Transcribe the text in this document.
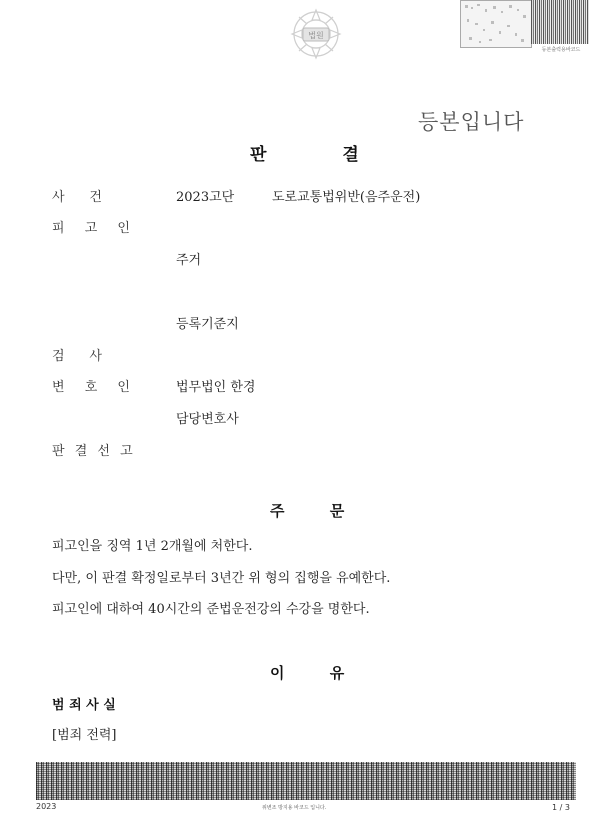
법원
등본출력용바코드
등본입니다
판 결
사      건	2023고단	도로교통법위반(음주운전)
피 고 인
주거
등록기준지
검      사
변 호 인	법무법인 한경
담당변호사
판 결 선 고
주 문
피고인을 징역 1년 2개월에 처한다.
다만, 이 판결 확정일로부터 3년간 위 형의 집행을 유예한다.
피고인에 대하여 40시간의 준법운전강의 수강을 명한다.
이 유
범 죄 사 실
[범죄 전력]
2023	위변조 방지용 바코드 입니다.	1 / 3
